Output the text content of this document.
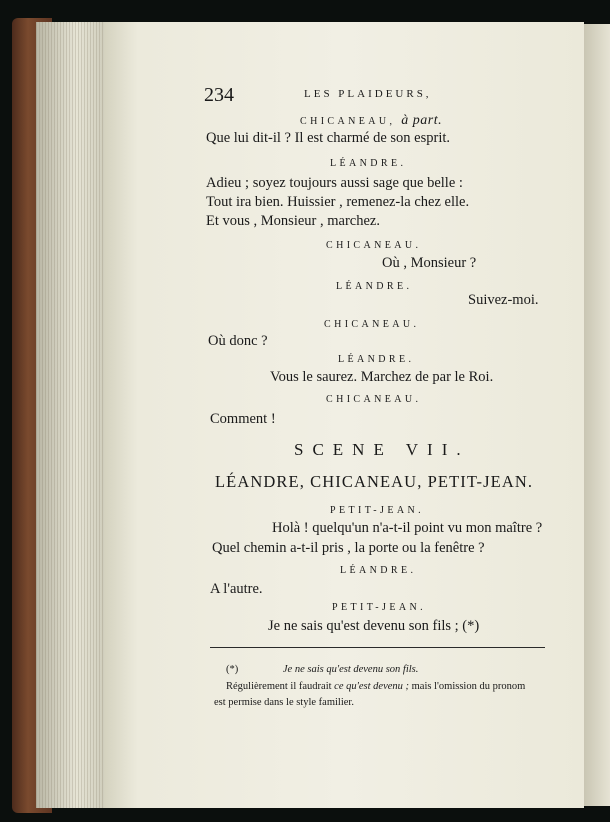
234	LES PLAIDEURS,
CHICANEAU, à part.
Que lui dit-il ? Il est charmé de son esprit.
LÉANDRE.
Adieu ; soyez toujours aussi sage que belle :
Tout ira bien. Huissier , remenez-la chez elle.
Et vous , Monsieur , marchez.
CHICANEAU.
Où , Monsieur ?
LÉANDRE.
Suivez-moi.
CHICANEAU.
Où donc ?
LÉANDRE.
Vous le saurez. Marchez de par le Roi.
CHICANEAU.
Comment !
SCENE VII.
LÉANDRE, CHICANEAU, PETIT-JEAN.
PETIT-JEAN.
Holà ! quelqu'un n'a-t-il point vu mon maître ?
Quel chemin a-t-il pris , la porte ou la fenêtre ?
LÉANDRE.
A l'autre.
PETIT-JEAN.
Je ne sais qu'est devenu son fils ; (*)
(*)	Je ne sais qu'est devenu son fils.
Régulièrement il faudrait ce qu'est devenu ; mais l'omission du pronom
est permise dans le style familier.
